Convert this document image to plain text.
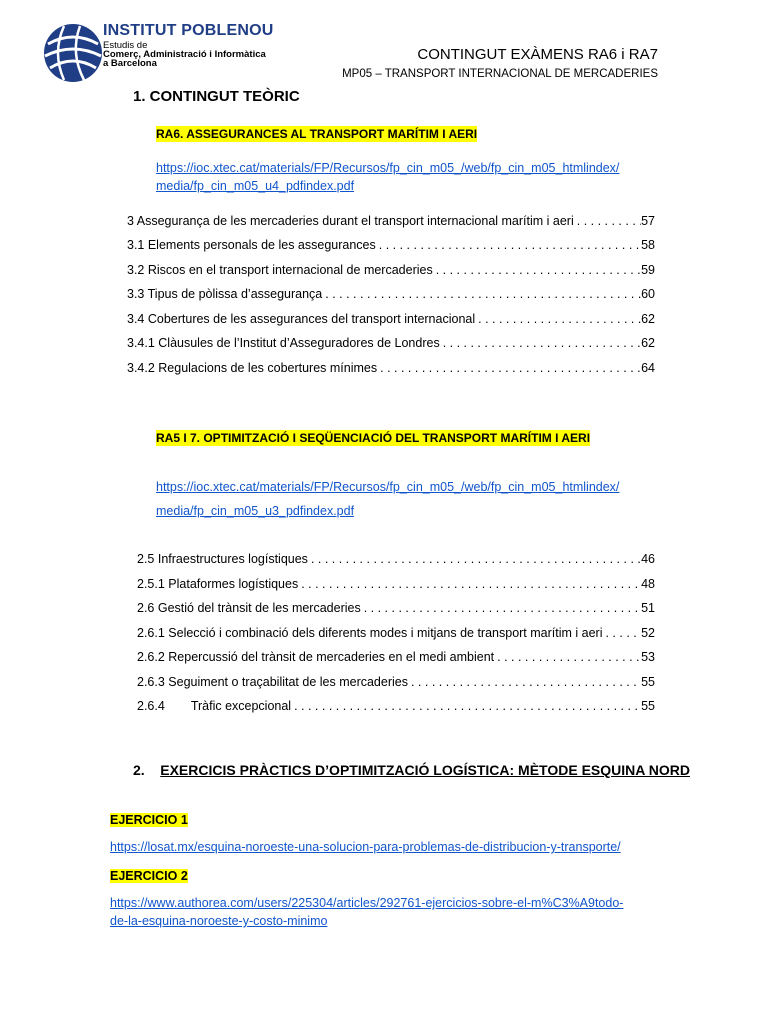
INSTITUT POBLENOU
Estudis de
Comerç, Administració i Informàtica
a Barcelona
CONTINGUT EXÀMENS RA6 i RA7
MP05 – TRANSPORT INTERNACIONAL DE MERCADERIES
1. CONTINGUT TEÒRIC
RA6. ASSEGURANCES AL TRANSPORT MARÍTIM I AERI
https://ioc.xtec.cat/materials/FP/Recursos/fp_cin_m05_/web/fp_cin_m05_htmlindex/
media/fp_cin_m05_u4_pdfindex.pdf
3 Assegurança de les mercaderies durant el transport internacional marítim i aeri . . .	57
3.1 Elements personals de les assegurances . . .	58
3.2 Riscos en el transport internacional de mercaderies . . .	59
3.3 Tipus de pòlissa d’assegurança . . .	60
3.4 Cobertures de les assegurances del transport internacional . . .	62
3.4.1 Clàusules de l’Institut d’Asseguradores de Londres . . .	62
3.4.2 Regulacions de les cobertures mínimes . . .	64
RA5 I 7. OPTIMITZACIÓ I SEQÜENCIACIÓ DEL TRANSPORT MARÍTIM I AERI
https://ioc.xtec.cat/materials/FP/Recursos/fp_cin_m05_/web/fp_cin_m05_htmlindex/
media/fp_cin_m05_u3_pdfindex.pdf
2.5 Infraestructures logístiques . . .	46
2.5.1 Plataformes logístiques . . .	48
2.6 Gestió del trànsit de les mercaderies . . .	51
2.6.1 Selecció i combinació dels diferents modes i mitjans de transport marítim i aeri . . .	52
2.6.2 Repercussió del trànsit de mercaderies en el medi ambient . . .	53
2.6.3 Seguiment o traçabilitat de les mercaderies . . .	55
2.6.4 Tràfic excepcional . . .	55
2. EXERCICIS PRÀCTICS D’OPTIMITZACIÓ LOGÍSTICA: MÈTODE ESQUINA NORD
EJERCICIO 1
https://losat.mx/esquina-noroeste-una-solucion-para-problemas-de-distribucion-y-transporte/
EJERCICIO 2
https://www.authorea.com/users/225304/articles/292761-ejercicios-sobre-el-m%C3%A9todo-
de-la-esquina-noroeste-y-costo-minimo
